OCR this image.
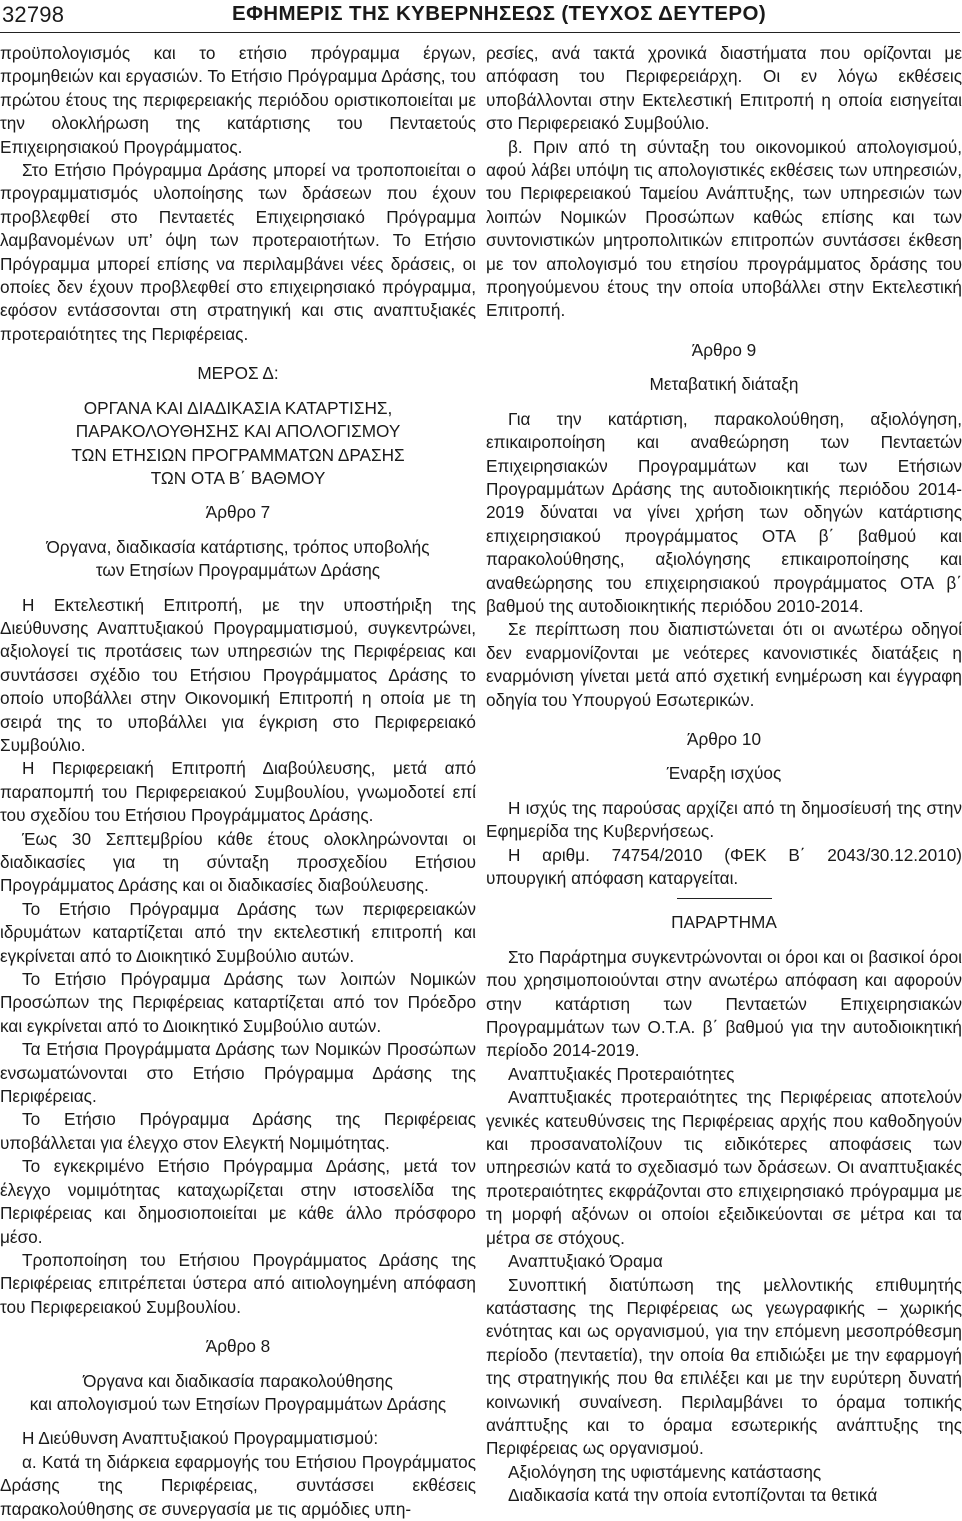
32798	ΕΦΗΜΕΡΙΣ ΤΗΣ ΚΥΒΕΡΝΗΣΕΩΣ (ΤΕΥΧΟΣ ΔΕΥΤΕΡΟ)

προϋπολογισμός και το ετήσιο πρόγραμμα έργων, προμηθειών και εργασιών. Το Ετήσιο Πρόγραμμα Δράσης, του πρώτου έτους της περιφερειακής περιόδου οριστικοποιείται με την ολοκλήρωση της κατάρτισης του Πενταετούς Επιχειρησιακού Προγράμματος.

Στο Ετήσιο Πρόγραμμα Δράσης μπορεί να τροποποιείται ο προγραμματισμός υλοποίησης των δράσεων που έχουν προβλεφθεί στο Πενταετές Επιχειρησιακό Πρόγραμμα λαμβανομένων υπ’ όψη των προτεραιοτήτων. Το Ετήσιο Πρόγραμμα μπορεί επίσης να περιλαμβάνει νέες δράσεις, οι οποίες δεν έχουν προβλεφθεί στο επιχειρησιακό πρόγραμμα, εφόσον εντάσσονται στη στρατηγική και στις αναπτυξιακές προτεραιότητες της Περιφέρειας.

ΜΕΡΟΣ Δ:
ΟΡΓΑΝΑ ΚΑΙ ΔΙΑΔΙΚΑΣΙΑ ΚΑΤΑΡΤΙΣΗΣ,
ΠΑΡΑΚΟΛΟΥΘΗΣΗΣ ΚΑΙ ΑΠΟΛΟΓΙΣΜΟΥ
ΤΩΝ ΕΤΗΣΙΩΝ ΠΡΟΓΡΑΜΜΑΤΩΝ ΔΡΑΣΗΣ
ΤΩΝ ΟΤΑ Β΄ ΒΑΘΜΟΥ
Άρθρο 7
Όργανα, διαδικασία κατάρτισης, τρόπος υποβολής
των Ετησίων Προγραμμάτων Δράσης

Η Εκτελεστική Επιτροπή, με την υποστήριξη της Διεύθυνσης Αναπτυξιακού Προγραμματισμού, συγκεντρώνει, αξιολογεί τις προτάσεις των υπηρεσιών της Περιφέρειας και συντάσσει σχέδιο του Ετήσιου Προγράμματος Δράσης το οποίο υποβάλλει στην Οικονομική Επιτροπή η οποία με τη σειρά της το υποβάλλει για έγκριση στο Περιφερειακό Συμβούλιο.

Η Περιφερειακή Επιτροπή Διαβούλευσης, μετά από παραπομπή του Περιφερειακού Συμβουλίου, γνωμοδοτεί επί του σχεδίου του Ετήσιου Προγράμματος Δράσης.

Έως 30 Σεπτεμβρίου κάθε έτους ολοκληρώνονται οι διαδικασίες για τη σύνταξη προσχεδίου Ετήσιου Προγράμματος Δράσης και οι διαδικασίες διαβούλευσης.

Το Ετήσιο Πρόγραμμα Δράσης των περιφερειακών ιδρυμάτων καταρτίζεται από την εκτελεστική επιτροπή και εγκρίνεται από το Διοικητικό Συμβούλιο αυτών.

Το Ετήσιο Πρόγραμμα Δράσης των λοιπών Νομικών Προσώπων της Περιφέρειας καταρτίζεται από τον Πρόεδρο και εγκρίνεται από το Διοικητικό Συμβούλιο αυτών.

Τα Ετήσια Προγράμματα Δράσης των Νομικών Προσώπων ενσωματώνονται στο Ετήσιο Πρόγραμμα Δράσης της Περιφέρειας.

Το Ετήσιο Πρόγραμμα Δράσης της Περιφέρειας υποβάλλεται για έλεγχο στον Ελεγκτή Νομιμότητας.

Το εγκεκριμένο Ετήσιο Πρόγραμμα Δράσης, μετά τον έλεγχο νομιμότητας καταχωρίζεται στην ιστοσελίδα της Περιφέρειας και δημοσιοποιείται με κάθε άλλο πρόσφορο μέσο.

Τροποποίηση του Ετήσιου Προγράμματος Δράσης της Περιφέρειας επιτρέπεται ύστερα από αιτιολογημένη απόφαση του Περιφερειακού Συμβουλίου.

Άρθρο 8
Όργανα και διαδικασία παρακολούθησης
και απολογισμού των Ετησίων Προγραμμάτων Δράσης

Η Διεύθυνση Αναπτυξιακού Προγραμματισμού:

α. Κατά τη διάρκεια εφαρμογής του Ετήσιου Προγράμματος Δράσης της Περιφέρειας, συντάσσει εκθέσεις παρακολούθησης σε συνεργασία με τις αρμόδιες υπη-

ρεσίες, ανά τακτά χρονικά διαστήματα που ορίζονται με απόφαση του Περιφερειάρχη. Οι εν λόγω εκθέσεις υποβάλλονται στην Εκτελεστική Επιτροπή η οποία εισηγείται στο Περιφερειακό Συμβούλιο.

β. Πριν από τη σύνταξη του οικονομικού απολογισμού, αφού λάβει υπόψη τις απολογιστικές εκθέσεις των υπηρεσιών, του Περιφερειακού Ταμείου Ανάπτυξης, των υπηρεσιών των λοιπών Νομικών Προσώπων καθώς επίσης και των συντονιστικών μητροπολιτικών επιτροπών συντάσσει έκθεση με τον απολογισμό του ετησίου προγράμματος δράσης του προηγούμενου έτους την οποία υποβάλλει στην Εκτελεστική Επιτροπή.

Άρθρο 9
Μεταβατική διάταξη

Για την κατάρτιση, παρακολούθηση, αξιολόγηση, επικαιροποίηση και αναθεώρηση των Πενταετών Επιχειρησιακών Προγραμμάτων και των Ετήσιων Προγραμμάτων Δράσης της αυτοδιοικητικής περιόδου 2014-2019 δύναται να γίνει χρήση των οδηγών κατάρτισης επιχειρησιακού προγράμματος ΟΤΑ β΄ βαθμού και παρακολούθησης, αξιολόγησης επικαιροποίησης και αναθεώρησης του επιχειρησιακού προγράμματος ΟΤΑ β΄ βαθμού της αυτοδιοικητικής περιόδου 2010-2014.

Σε περίπτωση που διαπιστώνεται ότι οι ανωτέρω οδηγοί δεν εναρμονίζονται με νεότερες κανονιστικές διατάξεις η εναρμόνιση γίνεται μετά από σχετική ενημέρωση και έγγραφη οδηγία του Υπουργού Εσωτερικών.

Άρθρο 10
Έναρξη ισχύος

Η ισχύς της παρούσας αρχίζει από τη δημοσίευσή της στην Εφημερίδα της Κυβερνήσεως.

Η αριθμ. 74754/2010 (ΦΕΚ Β΄ 2043/30.12.2010) υπουργική απόφαση καταργείται.

ΠΑΡΑΡΤΗΜΑ

Στο Παράρτημα συγκεντρώνονται οι όροι και οι βασικοί όροι που χρησιμοποιούνται στην ανωτέρω απόφαση και αφορούν στην κατάρτιση των Πενταετών Επιχειρησιακών Προγραμμάτων των Ο.Τ.Α. β΄ βαθμού για την αυτοδιοικητική περίοδο 2014-2019.

Αναπτυξιακές Προτεραιότητες

Αναπτυξιακές προτεραιότητες της Περιφέρειας αποτελούν γενικές κατευθύνσεις της Περιφέρειας αρχής που καθοδηγούν και προσανατολίζουν τις ειδικότερες αποφάσεις των υπηρεσιών κατά το σχεδιασμό των δράσεων. Οι αναπτυξιακές προτεραιότητες εκφράζονται στο επιχειρησιακό πρόγραμμα με τη μορφή αξόνων οι οποίοι εξειδικεύονται σε μέτρα και τα μέτρα σε στόχους.

Αναπτυξιακό Όραμα

Συνοπτική διατύπωση της μελλοντικής επιθυμητής κατάστασης της Περιφέρειας ως γεωγραφικής – χωρικής ενότητας και ως οργανισμού, για την επόμενη μεσοπρόθεσμη περίοδο (πενταετία), την οποία θα επιδιώξει με την εφαρμογή της στρατηγικής που θα επιλέξει και με την ευρύτερη δυνατή κοινωνική συναίνεση. Περιλαμβάνει το όραμα τοπικής ανάπτυξης και το όραμα εσωτερικής ανάπτυξης της Περιφέρειας ως οργανισμού.

Αξιολόγηση της υφιστάμενης κατάστασης

Διαδικασία κατά την οποία εντοπίζονται τα θετικά
